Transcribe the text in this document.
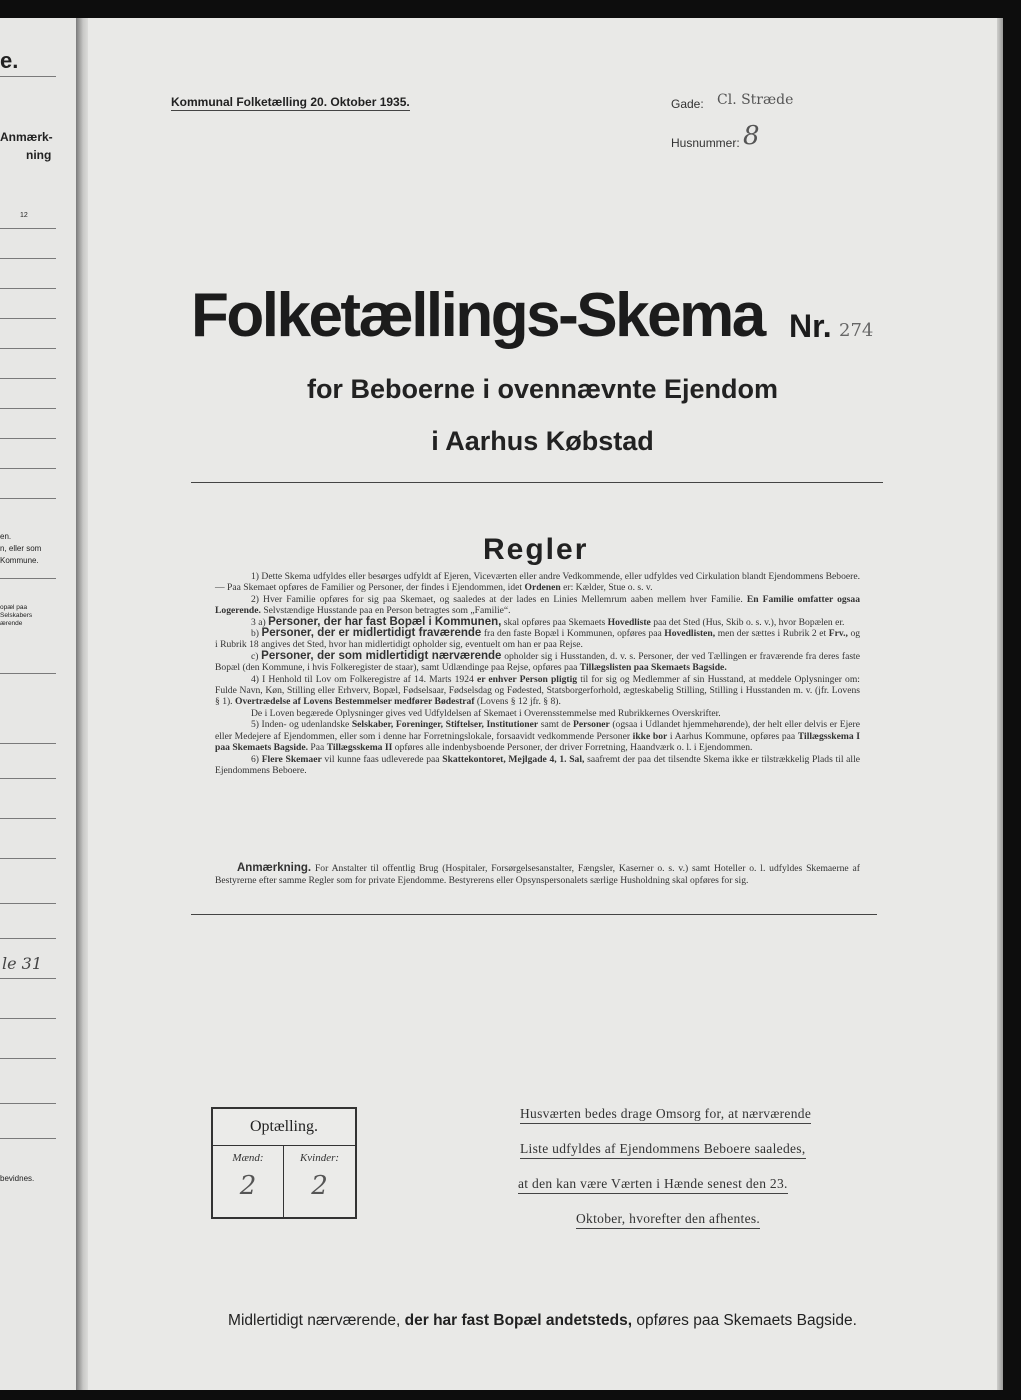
e.
Anmærk-
ning
12
en.
n, eller som
Kommune.
opæl paa
Selskabers
ærende
le 31
bevidnes.
Kommunal Folketælling 20. Oktober 1935.	Gade: Cl. Stræde
Husnummer: 8
Folketællings-Skema Nr. 274
for Beboerne i ovennævnte Ejendom
i Aarhus Købstad
Regler

1) Dette Skema udfyldes eller besørges udfyldt af Ejeren, Viceværten eller andre Vedkommende, eller udfyldes ved Cirkulation blandt Ejendommens Beboere. — Paa Skemaet opføres de Familier og Personer, der findes i Ejendommen, idet Ordenen er: Kælder, Stue o. s. v.

2) Hver Familie opføres for sig paa Skemaet, og saaledes at der lades en Linies Mellemrum aaben mellem hver Familie. En Familie omfatter ogsaa Logerende. Selvstændige Husstande paa en Person betragtes som „Familie“.

3 a) Personer, der har fast Bopæl i Kommunen, skal opføres paa Skemaets Hovedliste paa det Sted (Hus, Skib o. s. v.), hvor Bopælen er.

b) Personer, der er midlertidigt fraværende fra den faste Bopæl i Kommunen, opføres paa Hovedlisten, men der sættes i Rubrik 2 et Frv., og i Rubrik 18 angives det Sted, hvor han midlertidigt opholder sig, eventuelt om han er paa Rejse.

c) Personer, der som midlertidigt nærværende opholder sig i Husstanden, d. v. s. Personer, der ved Tællingen er fraværende fra deres faste Bopæl (den Kommune, i hvis Folkeregister de staar), samt Udlændinge paa Rejse, opføres paa Tillægslisten paa Skemaets Bagside.

4) I Henhold til Lov om Folkeregistre af 14. Marts 1924 er enhver Person pligtig til for sig og Medlemmer af sin Husstand, at meddele Oplysninger om: Fulde Navn, Køn, Stilling eller Erhverv, Bopæl, Fødselsaar, Fødselsdag og Fødested, Statsborgerforhold, ægteskabelig Stilling, Stilling i Husstanden m. v. (jfr. Lovens § 1). Overtrædelse af Lovens Bestemmelser medfører Bødestraf (Lovens § 12 jfr. § 8).

De i Loven begærede Oplysninger gives ved Udfyldelsen af Skemaet i Overensstemmelse med Rubrikkernes Overskrifter.

5) Inden- og udenlandske Selskaber, Foreninger, Stiftelser, Institutioner samt de Personer (ogsaa i Udlandet hjemmehørende), der helt eller delvis er Ejere eller Medejere af Ejendommen, eller som i denne har Forretningslokale, forsaavidt vedkommende Personer ikke bor i Aarhus Kommune, opføres paa Tillægsskema I paa Skemaets Bagside. Paa Tillægsskema II opføres alle indenbysboende Personer, der driver Forretning, Haandværk o. l. i Ejendommen.

6) Flere Skemaer vil kunne faas udleverede paa Skattekontoret, Mejlgade 4, 1. Sal, saafremt der paa det tilsendte Skema ikke er tilstrækkelig Plads til alle Ejendommens Beboere.

Anmærkning. For Anstalter til offentlig Brug (Hospitaler, Forsørgelsesanstalter, Fængsler, Kaserner o. s. v.) samt Hoteller o. l. udfyldes Skemaerne af Bestyrerne efter samme Regler som for private Ejendomme. Bestyrerens eller Opsynspersonalets særlige Husholdning skal opføres for sig.

Optælling.
Mænd:
2
Kvinder:
2
Husværten bedes drage Omsorg for, at nærværende
Liste udfyldes af Ejendommens Beboere saaledes,
at den kan være Værten i Hænde senest den 23.
Oktober, hvorefter den afhentes.
Midlertidigt nærværende, der har fast Bopæl andetsteds, opføres paa Skemaets Bagside.
